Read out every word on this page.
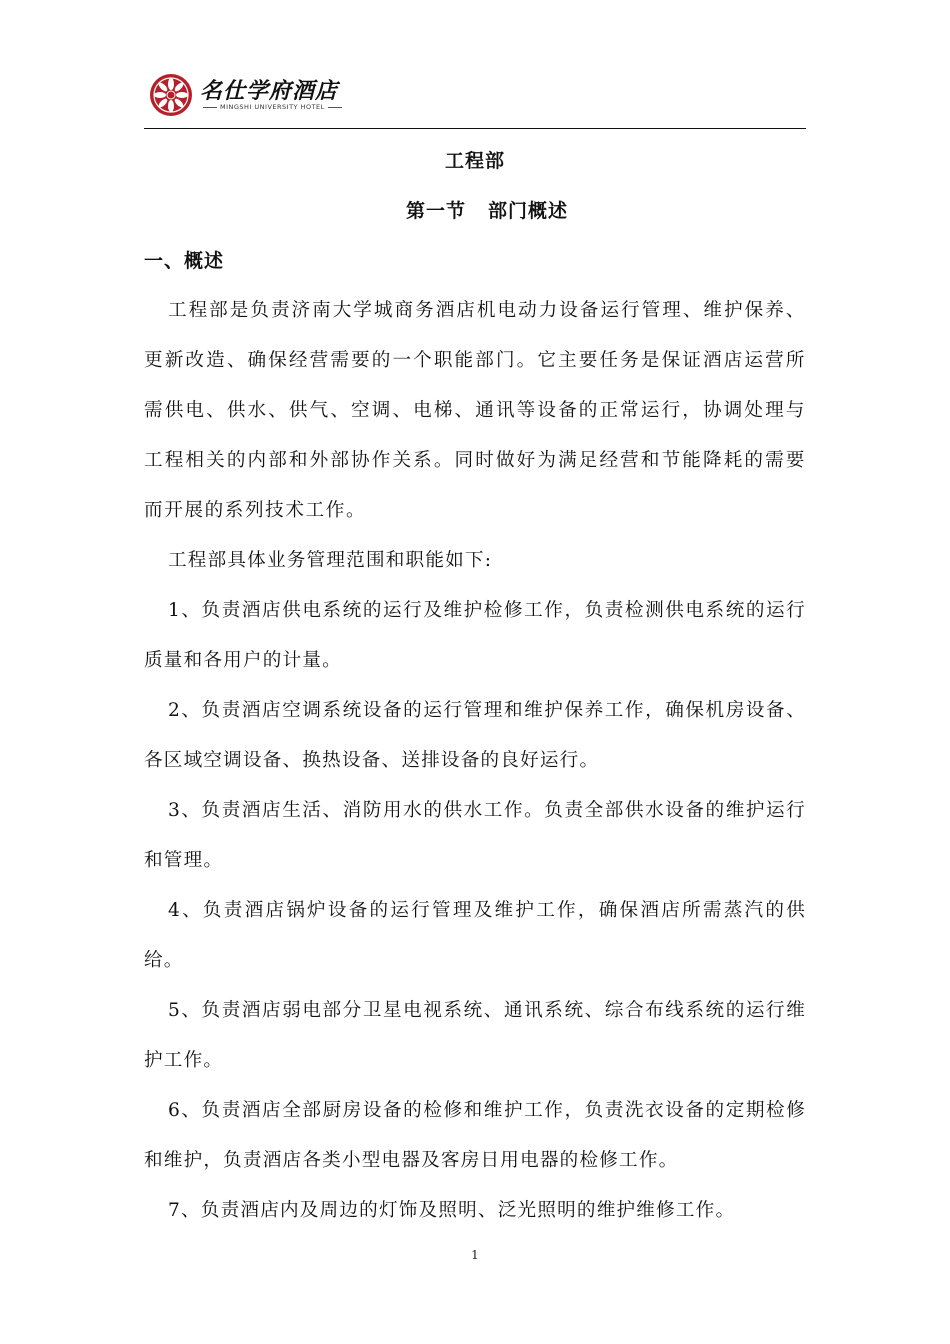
名仕学府酒店
MINGSHI UNIVERSITY HOTEL
工程部
第一节 部门概述
一、概述

工程部是负责济南大学城商务酒店机电动力设备运行管理、维护保养、更新改造、确保经营需要的一个职能部门。它主要任务是保证酒店运营所需供电、供水、供气、空调、电梯、通讯等设备的正常运行，协调处理与工程相关的内部和外部协作关系。同时做好为满足经营和节能降耗的需要而开展的系列技术工作。

工程部具体业务管理范围和职能如下:

1、负责酒店供电系统的运行及维护检修工作，负责检测供电系统的运行质量和各用户的计量。

2、负责酒店空调系统设备的运行管理和维护保养工作，确保机房设备、各区域空调设备、换热设备、送排设备的良好运行。

3、负责酒店生活、消防用水的供水工作。负责全部供水设备的维护运行和管理。

4、负责酒店锅炉设备的运行管理及维护工作，确保酒店所需蒸汽的供给。

5、负责酒店弱电部分卫星电视系统、通讯系统、综合布线系统的运行维护工作。

6、负责酒店全部厨房设备的检修和维护工作，负责洗衣设备的定期检修和维护，负责酒店各类小型电器及客房日用电器的检修工作。

7、负责酒店内及周边的灯饰及照明、泛光照明的维护维修工作。

1
